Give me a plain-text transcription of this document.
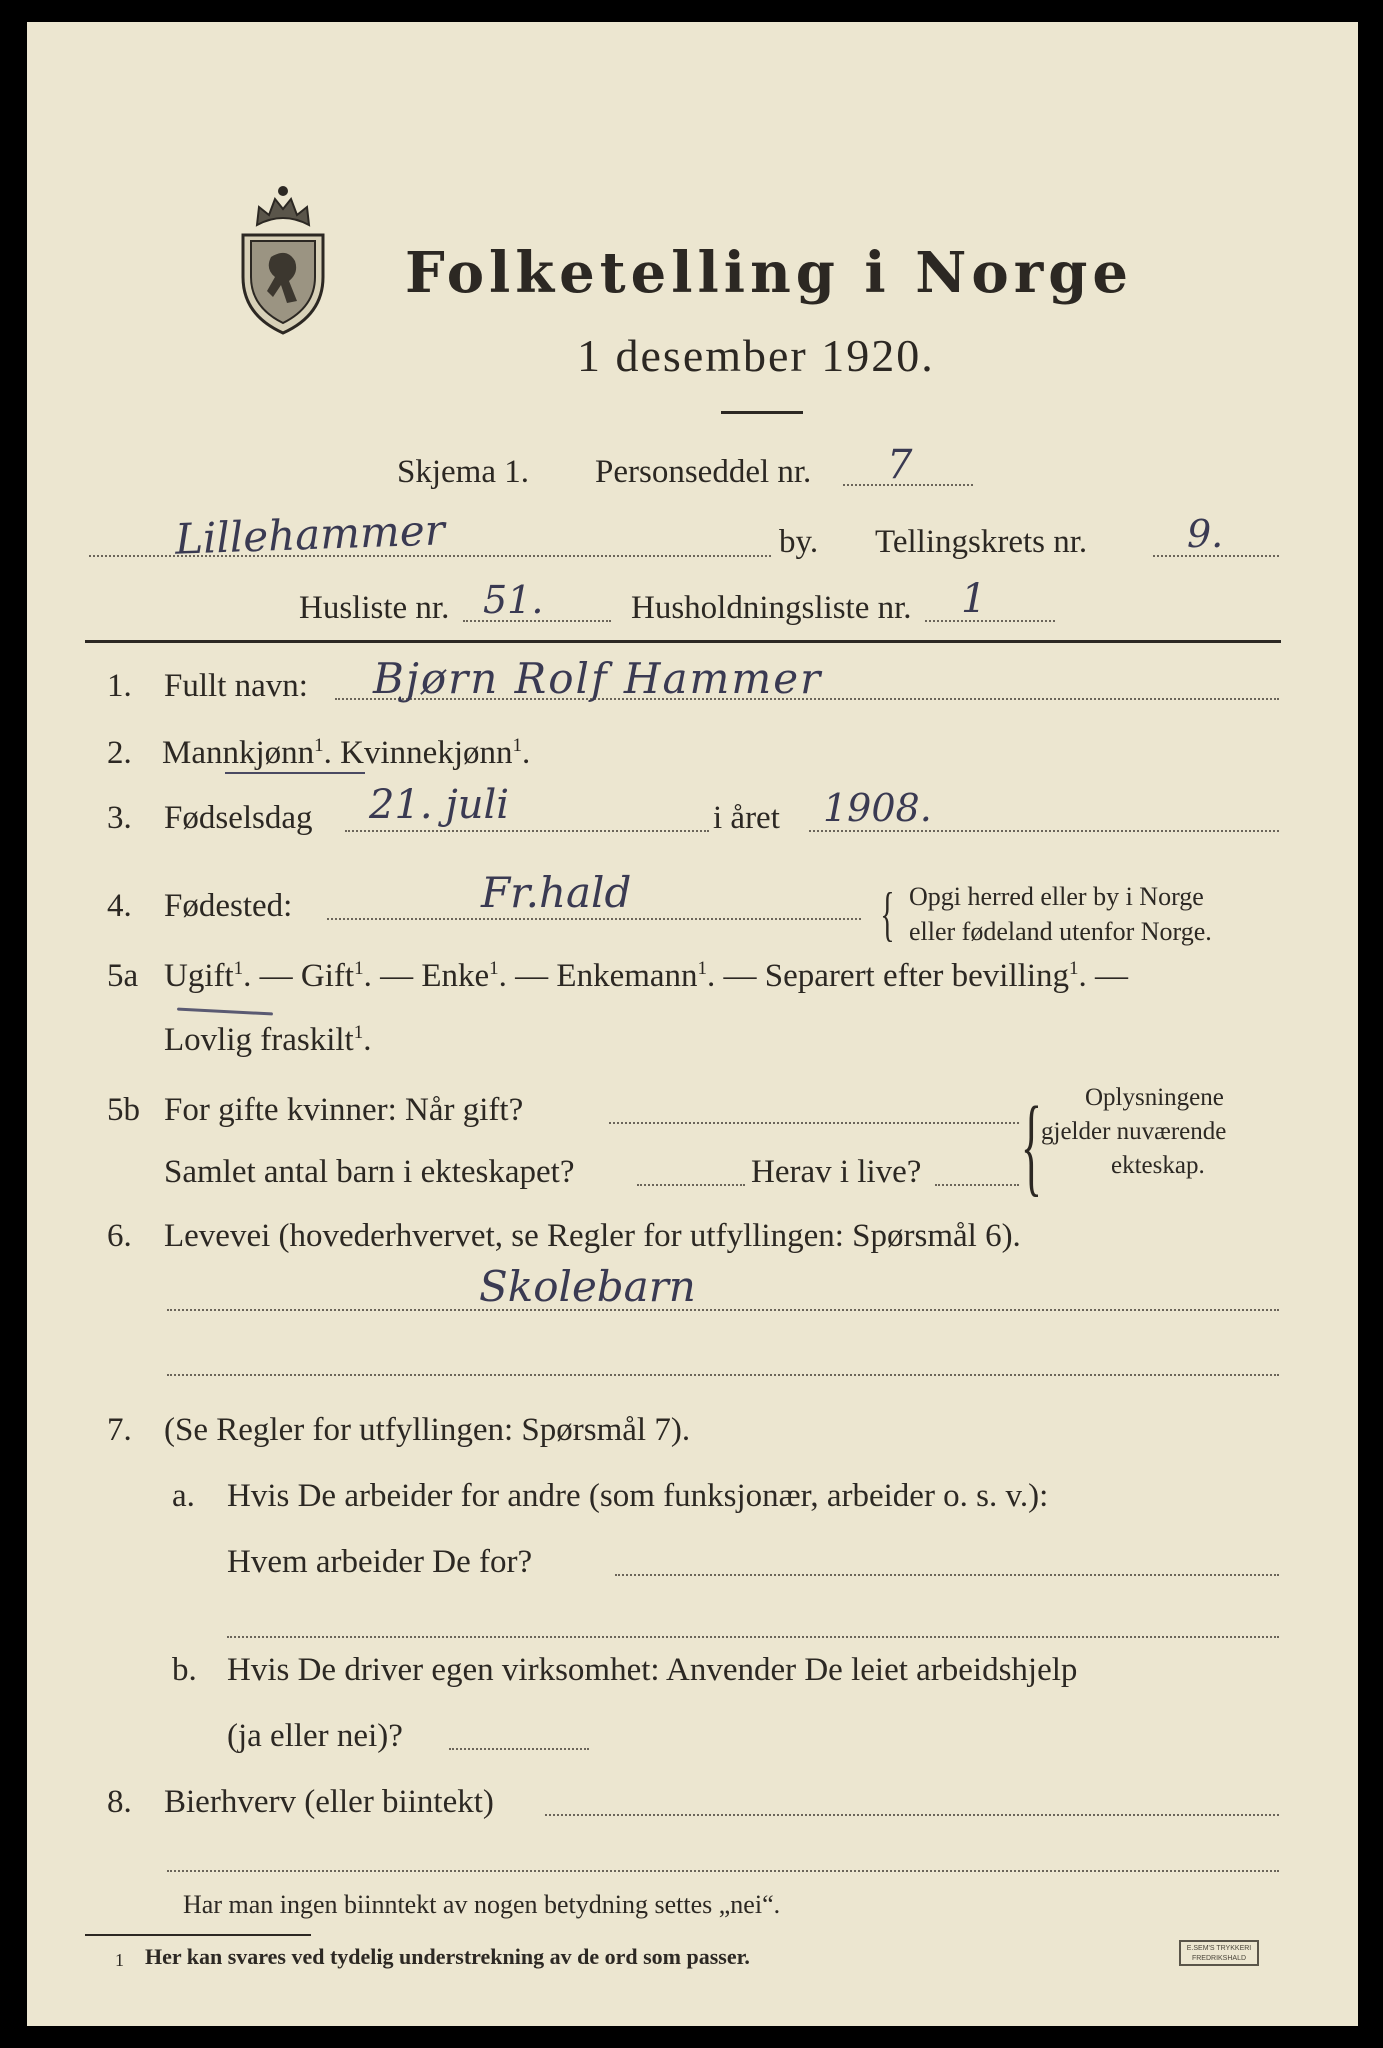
Folketelling i Norge
1 desember 1920.
Skjema 1. Personseddel nr. 7
Lillehammer	by. Tellingskrets nr.	9.
Husliste nr. 51.	Husholdningsliste nr. 1
1. Fullt navn: Bjørn Rolf Hammer
2. Mannkjønn$^1$. Kvinnekjønn$^1$.
3. Fødselsdag 21. juli	i året 1908.
4. Fødested:	Fr.hald	{ Opgi herred eller by i Norge
eller fødeland utenfor Norge.
5a Ugift$^1$. — Gift$^1$. — Enke$^1$. — Enkemann$^1$. — Separert efter bevilling$^1$. —
Lovlig fraskilt$^1$.
5b For gifte kvinner: Når gift?
Samlet antal barn i ekteskapet?	Herav i live? { Oplysningene
gjelder nuværende
ekteskap.
6. Levevei (hovederhvervet, se Regler for utfyllingen: Spørsmål 6).
Skolebarn
7. (Se Regler for utfyllingen: Spørsmål 7).
a. Hvis De arbeider for andre (som funksjonær, arbeider o. s. v.):
Hvem arbeider De for?
b. Hvis De driver egen virksomhet: Anvender De leiet arbeidshjelp
(ja eller nei)?
8. Bierhverv (eller biintekt)
Har man ingen biinntekt av nogen betydning settes „nei“.
1 Her kan svares ved tydelig understrekning av de ord som passer.	E.SEM'S TRYKKERI
FREDRIKSHALD
